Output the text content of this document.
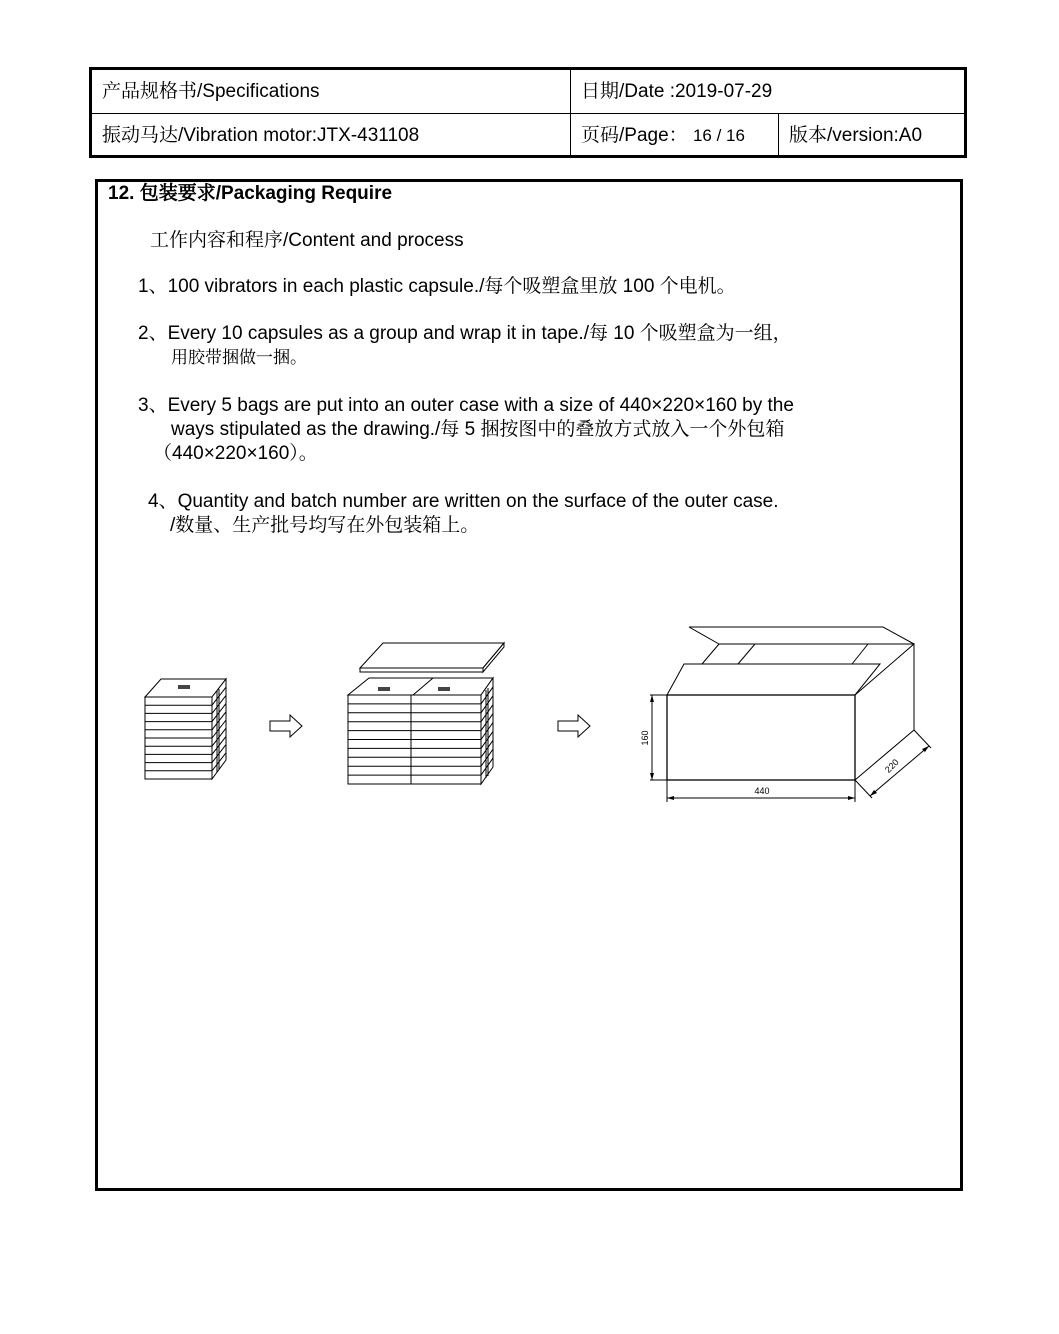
产品规格书/Specifications	日期/Date :2019-07-29
振动马达/Vibration motor:JTX-431108	页码/Page： 16 / 16	版本/version:A0
12. 包装要求/Packaging Require
工作内容和程序/Content and process
1、100 vibrators in each plastic capsule./每个吸塑盒里放 100 个电机。
2、Every 10 capsules as a group and wrap it in tape./每 10 个吸塑盒为一组，
用胶带捆做一捆。
3、Every 5 bags are put into an outer case with a size of 440×220×160 by the
ways stipulated as the drawing./每 5 捆按图中的叠放方式放入一个外包箱
（440×220×160）。
4、Quantity and batch number are written on the surface of the outer case.
/数量、生产批号均写在外包装箱上。
440
160
220
